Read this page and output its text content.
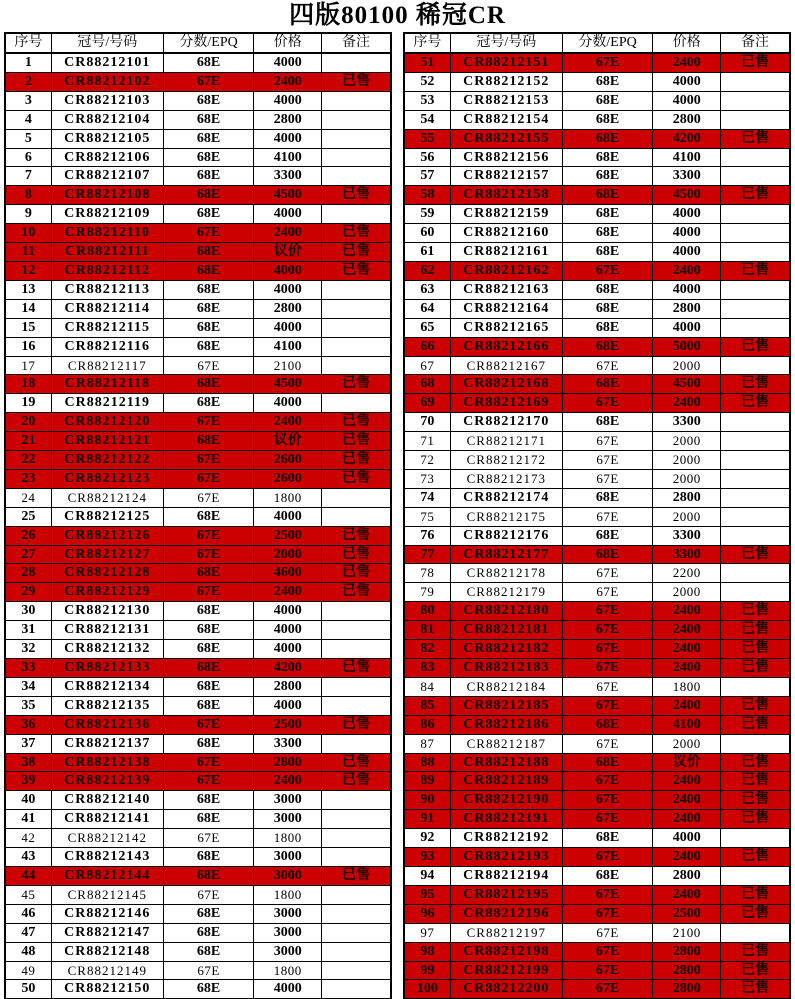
四版80100 稀冠CR
序号	冠号/号码	分数/EPQ	价格	备注
1	CR88212101	68E	4000	
2	CR88212102	67E	2400	已售
3	CR88212103	68E	4000	
4	CR88212104	68E	2800	
5	CR88212105	68E	4000	
6	CR88212106	68E	4100	
7	CR88212107	68E	3300	
8	CR88212108	68E	4500	已售
9	CR88212109	68E	4000	
10	CR88212110	67E	2400	已售
11	CR88212111	68E	议价	已售
12	CR88212112	68E	4000	已售
13	CR88212113	68E	4000	
14	CR88212114	68E	2800	
15	CR88212115	68E	4000	
16	CR88212116	68E	4100	
17	CR88212117	67E	2100	
18	CR88212118	68E	4500	已售
19	CR88212119	68E	4000	
20	CR88212120	67E	2400	已售
21	CR88212121	68E	议价	已售
22	CR88212122	67E	2600	已售
23	CR88212123	67E	2600	已售
24	CR88212124	67E	1800	
25	CR88212125	68E	4000	
26	CR88212126	67E	2500	已售
27	CR88212127	67E	2000	已售
28	CR88212128	68E	4600	已售
29	CR88212129	67E	2400	已售
30	CR88212130	68E	4000	
31	CR88212131	68E	4000	
32	CR88212132	68E	4000	
33	CR88212133	68E	4200	已售
34	CR88212134	68E	2800	
35	CR88212135	68E	4000	
36	CR88212136	67E	2500	已售
37	CR88212137	68E	3300	
38	CR88212138	67E	2800	已售
39	CR88212139	67E	2400	已售
40	CR88212140	68E	3000	
41	CR88212141	68E	3000	
42	CR88212142	67E	1800	
43	CR88212143	68E	3000	
44	CR88212144	68E	3000	已售
45	CR88212145	67E	1800	
46	CR88212146	68E	3000	
47	CR88212147	68E	3000	
48	CR88212148	68E	3000	
49	CR88212149	67E	1800	
50	CR88212150	68E	4000	
序号	冠号/号码	分数/EPQ	价格	备注
51	CR88212151	67E	2400	已售
52	CR88212152	68E	4000	
53	CR88212153	68E	4000	
54	CR88212154	68E	2800	
55	CR88212155	68E	4200	已售
56	CR88212156	68E	4100	
57	CR88212157	68E	3300	
58	CR88212158	68E	4500	已售
59	CR88212159	68E	4000	
60	CR88212160	68E	4000	
61	CR88212161	68E	4000	
62	CR88212162	67E	2400	已售
63	CR88212163	68E	4000	
64	CR88212164	68E	2800	
65	CR88212165	68E	4000	
66	CR88212166	68E	5000	已售
67	CR88212167	67E	2000	
68	CR88212168	68E	4500	已售
69	CR88212169	67E	2400	已售
70	CR88212170	68E	3300	
71	CR88212171	67E	2000	
72	CR88212172	67E	2000	
73	CR88212173	67E	2000	
74	CR88212174	68E	2800	
75	CR88212175	67E	2000	
76	CR88212176	68E	3300	
77	CR88212177	68E	3300	已售
78	CR88212178	67E	2200	
79	CR88212179	67E	2000	
80	CR88212180	67E	2400	已售
81	CR88212181	67E	2400	已售
82	CR88212182	67E	2400	已售
83	CR88212183	67E	2400	已售
84	CR88212184	67E	1800	
85	CR88212185	67E	2400	已售
86	CR88212186	68E	4100	已售
87	CR88212187	67E	2000	
88	CR88212188	68E	议价	已售
89	CR88212189	67E	2400	已售
90	CR88212190	67E	2400	已售
91	CR88212191	67E	2400	已售
92	CR88212192	68E	4000	
93	CR88212193	67E	2400	已售
94	CR88212194	68E	2800	
95	CR88212195	67E	2400	已售
96	CR88212196	67E	2500	已售
97	CR88212197	67E	2100	
98	CR88212198	67E	2800	已售
99	CR88212199	67E	2800	已售
100	CR88212200	67E	2800	已售
